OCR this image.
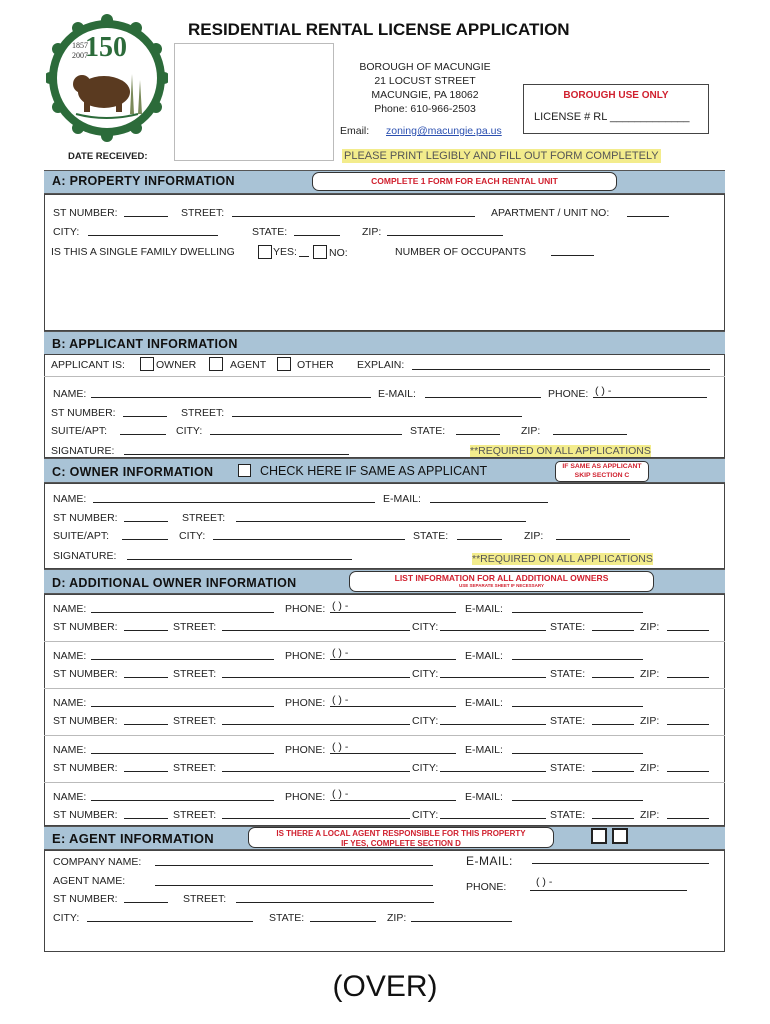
150
1857
2007
RESIDENTIAL RENTAL LICENSE APPLICATION
BOROUGH OF MACUNGIE
21 LOCUST STREET
MACUNGIE, PA 18062
Phone: 610-966-2503
Email: zoning@macungie.pa.us
BOROUGH USE ONLY
LICENSE # RL _____________
DATE RECEIVED:	PLEASE PRINT LEGIBLY AND FILL OUT FORM COMPLETELY
A: PROPERTY INFORMATION	COMPLETE 1 FORM FOR EACH RENTAL UNIT
ST NUMBER:	STREET:	APARTMENT / UNIT NO:
CITY:	STATE:	ZIP:
IS THIS A SINGLE FAMILY DWELLING	YES:	NO:	NUMBER OF OCCUPANTS
B: APPLICANT INFORMATION
APPLICANT IS:	OWNER	AGENT	OTHER EXPLAIN:
NAME:	E-MAIL:	PHONE: ( ) -
ST NUMBER:	STREET:
SUITE/APT:	CITY:	STATE:	ZIP:
SIGNATURE:	**REQUIRED ON ALL APPLICATIONS
C: OWNER INFORMATION	CHECK HERE IF SAME AS APPLICANT	IF SAME AS APPLICANT
SKIP SECTION C
NAME:	E-MAIL:
ST NUMBER:	STREET:
SUITE/APT:	CITY:	STATE:	ZIP:
SIGNATURE:	**REQUIRED ON ALL APPLICATIONS
D: ADDITIONAL OWNER INFORMATION	LIST INFORMATION FOR ALL ADDITIONAL OWNERS
USE SEPARATE SHEET IF NECESSARY
NAME:	PHONE: ( ) -	E-MAIL:
ST NUMBER:	STREET:	CITY:	STATE:	ZIP:
NAME:	PHONE: ( ) -	E-MAIL:
ST NUMBER:	STREET:	CITY:	STATE:	ZIP:
NAME:	PHONE: ( ) -	E-MAIL:
ST NUMBER:	STREET:	CITY:	STATE:	ZIP:
NAME:	PHONE: ( ) -	E-MAIL:
ST NUMBER:	STREET:	CITY:	STATE:	ZIP:
NAME:	PHONE: ( ) -	E-MAIL:
ST NUMBER:	STREET:	CITY:	STATE:	ZIP:
E: AGENT INFORMATION	IS THERE A LOCAL AGENT RESPONSIBLE FOR THIS PROPERTY
IF YES, COMPLETE SECTION D
COMPANY NAME:	E-MAIL:
AGENT NAME:	PHONE:	( ) -
ST NUMBER:	STREET:
CITY:	STATE:	ZIP:
(OVER)
